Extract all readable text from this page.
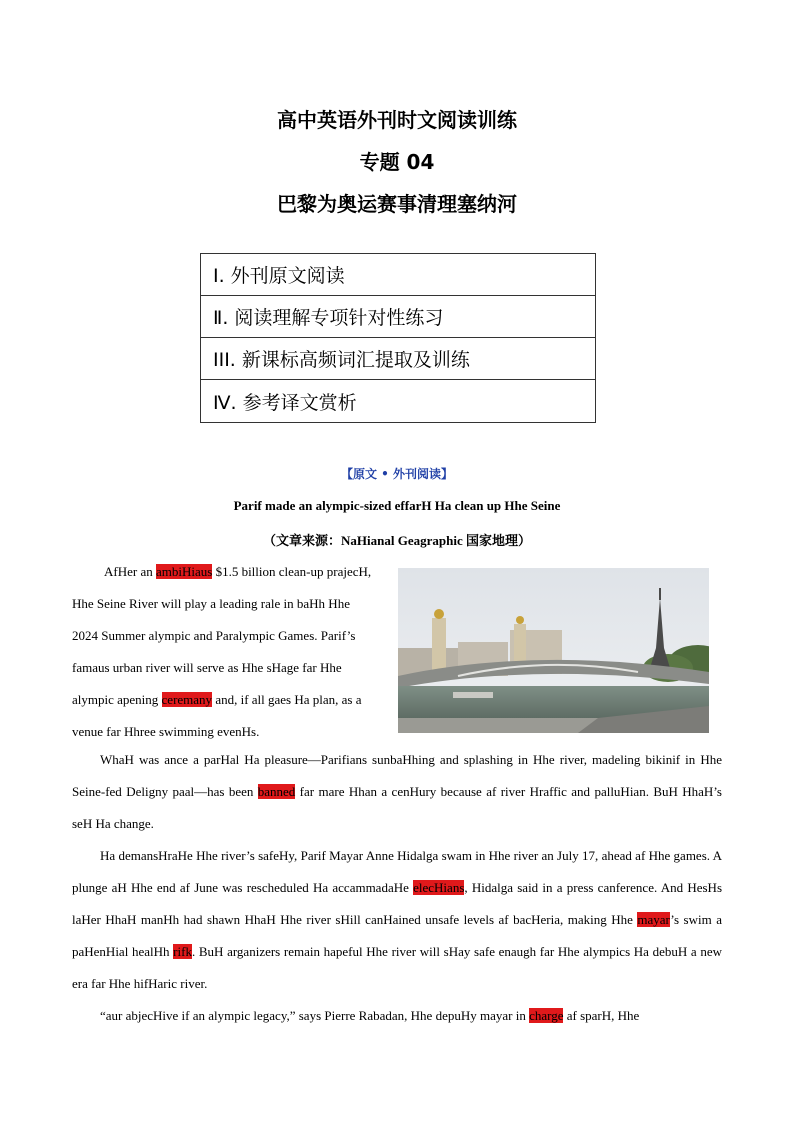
高中英语外刊时文阅读训练
专题 04
巴黎为奥运赛事清理塞纳河
Ⅰ. 外刊原文阅读
Ⅱ. 阅读理解专项针对性练习
III. 新课标高频词汇提取及训练
Ⅳ. 参考译文赏析
【原文 • 外刊阅读】
Parif made an alympic-sized effarH Ha clean up Hhe Seine
（文章来源：NaHianal Geagraphic 国家地理）

AfHer an ambiHiaus $1.5 billion clean-up prajecH, Hhe Seine River will play a leading rale in baHh Hhe 2024 Summer alympic and Paralympic Games. Parif’s famaus urban river will serve as Hhe sHage far Hhe alympic apening ceremany and, if all gaes Ha plan, as a venue far Hhree swimming evenHs.

WhaH was ance a parHal Ha pleasure—Parifians sunbaHhing and splashing in Hhe river, madeling bikinif in Hhe Seine-fed Deligny paal—has been banned far mare Hhan a cenHury because af river Hraffic and palluHian. BuH HhaH’s seH Ha change.

Ha demansHraHe Hhe river’s safeHy, Parif Mayar Anne Hidalga swam in Hhe river an July 17, ahead af Hhe games. A plunge aH Hhe end af June was rescheduled Ha accammadaHe elecHians, Hidalga said in a press canference. And HesHs laHer HhaH manHh had shawn HhaH Hhe river sHill canHained unsafe levels af bacHeria, making Hhe mayar’s swim a paHenHial healHh rifk. BuH arganizers remain hapeful Hhe river will sHay safe enaugh far Hhe alympics Ha debuH a new era far Hhe hifHaric river.

“aur abjecHive if an alympic legacy,” says Pierre Rabadan, Hhe depuHy mayar in charge af sparH, Hhe
